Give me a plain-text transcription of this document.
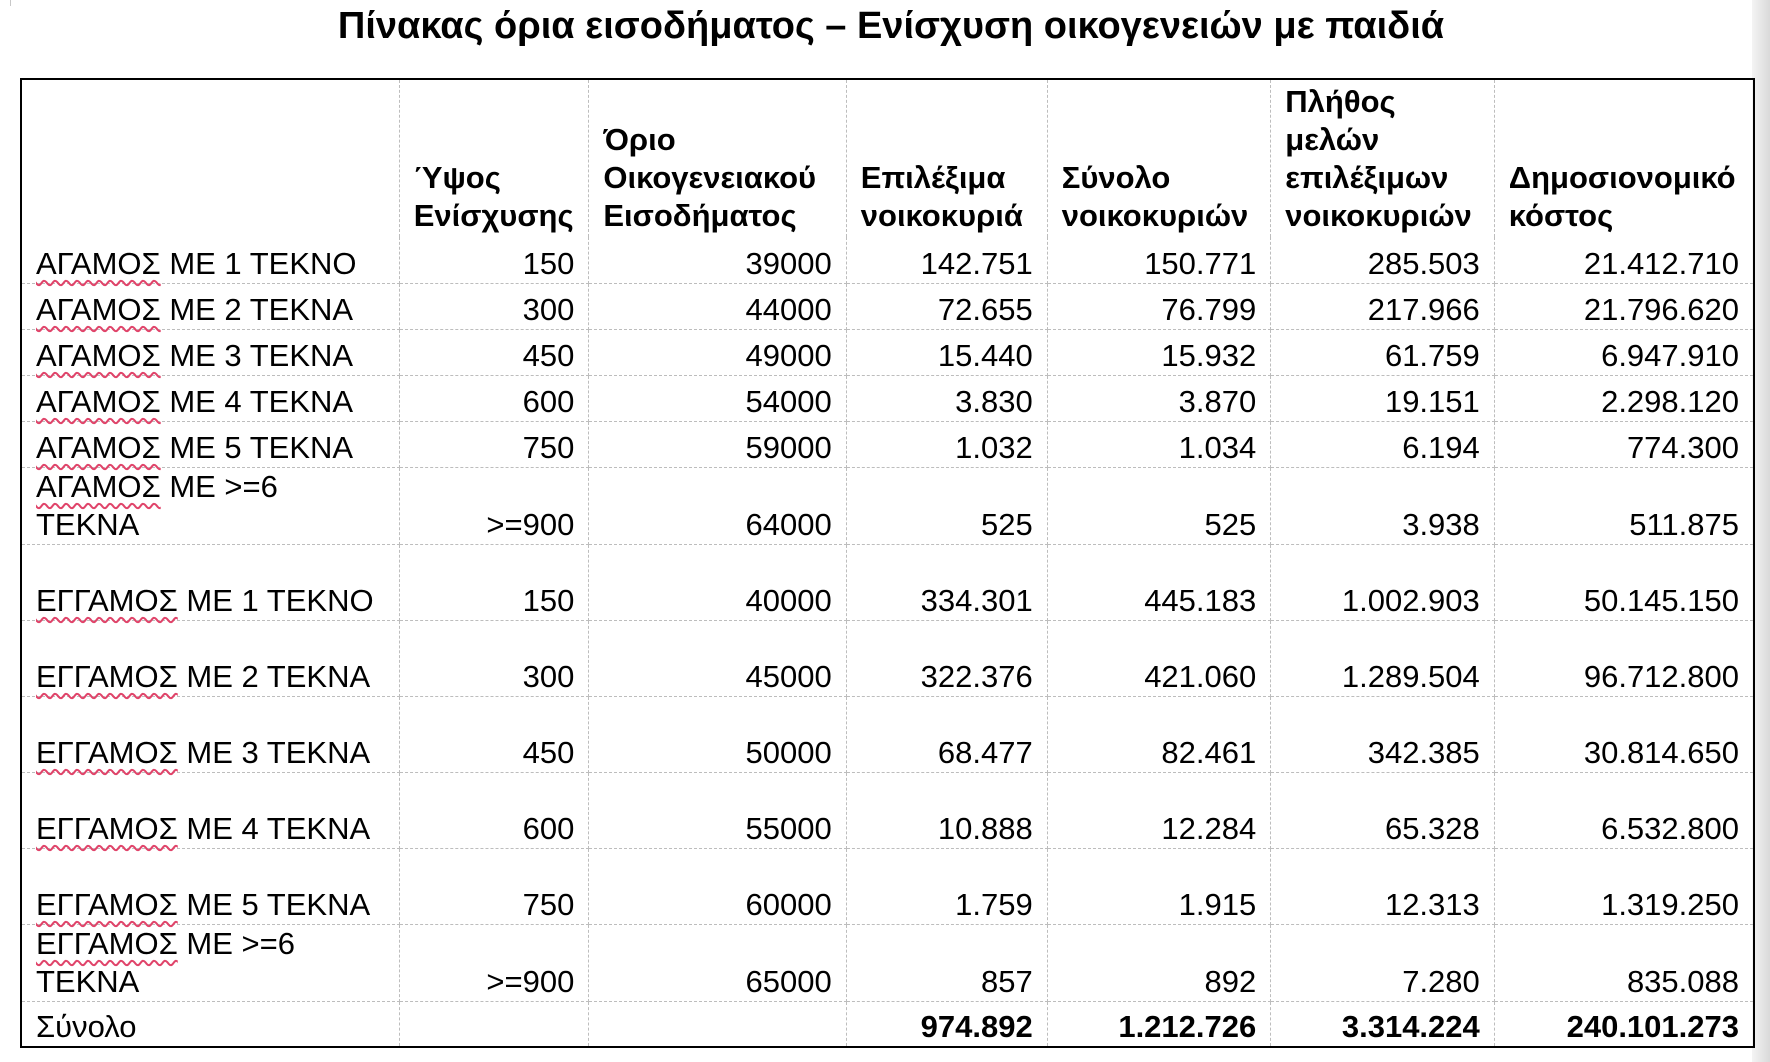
Πίνακας όρια εισοδήματος – Ενίσχυση οικογενειών με παιδιά
	Ύψος Ενίσχυσης	Όριο Οικογενειακού Εισοδήματος	Επιλέξιμα νοικοκυριά	Σύνολο νοικοκυριών	Πλήθος μελών επιλέξιμων νοικοκυριών	Δημοσιονομικό κόστος
ΑΓΑΜΟΣ ΜΕ 1 ΤΕΚΝΟ	150	39000	142.751	150.771	285.503	21.412.710
ΑΓΑΜΟΣ ΜΕ 2 ΤΕΚΝΑ	300	44000	72.655	76.799	217.966	21.796.620
ΑΓΑΜΟΣ ΜΕ 3 ΤΕΚΝΑ	450	49000	15.440	15.932	61.759	6.947.910
ΑΓΑΜΟΣ ΜΕ 4 ΤΕΚΝΑ	600	54000	3.830	3.870	19.151	2.298.120
ΑΓΑΜΟΣ ΜΕ 5 ΤΕΚΝΑ	750	59000	1.032	1.034	6.194	774.300
ΑΓΑΜΟΣ ΜΕ >=6 ΤΕΚΝΑ	>=900	64000	525	525	3.938	511.875
ΕΓΓΑΜΟΣ ΜΕ 1 ΤΕΚΝΟ	150	40000	334.301	445.183	1.002.903	50.145.150
ΕΓΓΑΜΟΣ ΜΕ 2 ΤΕΚΝΑ	300	45000	322.376	421.060	1.289.504	96.712.800
ΕΓΓΑΜΟΣ ΜΕ 3 ΤΕΚΝΑ	450	50000	68.477	82.461	342.385	30.814.650
ΕΓΓΑΜΟΣ ΜΕ 4 ΤΕΚΝΑ	600	55000	10.888	12.284	65.328	6.532.800
ΕΓΓΑΜΟΣ ΜΕ 5 ΤΕΚΝΑ	750	60000	1.759	1.915	12.313	1.319.250
ΕΓΓΑΜΟΣ ΜΕ >=6 ΤΕΚΝΑ	>=900	65000	857	892	7.280	835.088
Σύνολο			974.892	1.212.726	3.314.224	240.101.273
